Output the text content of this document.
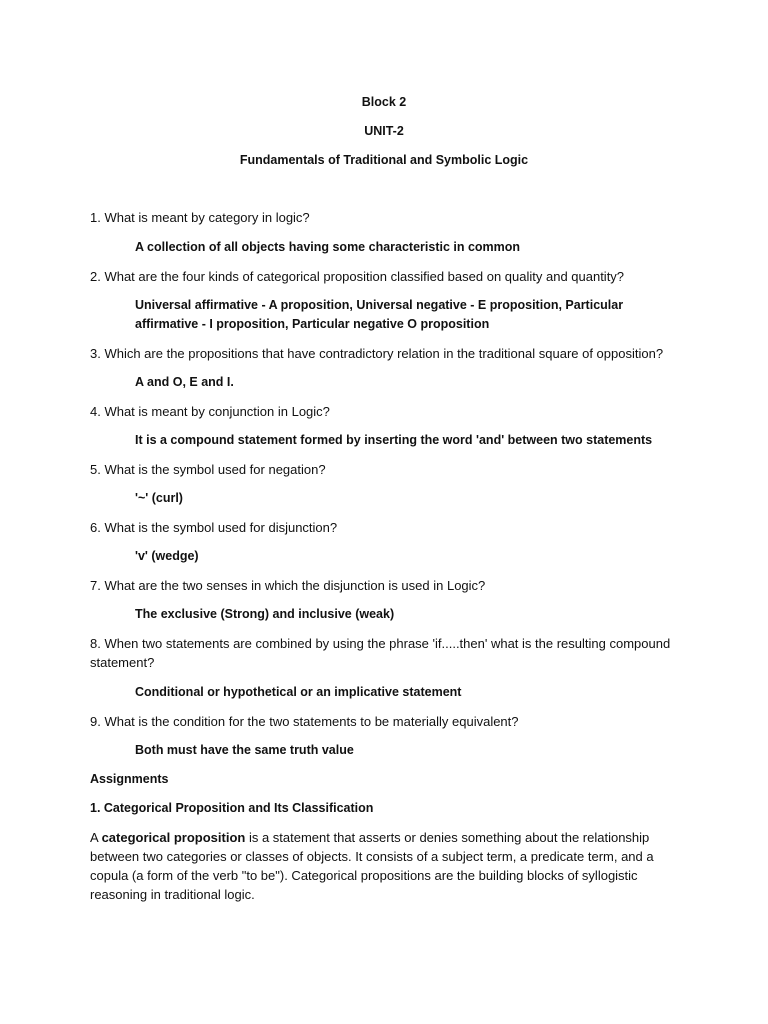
Block 2
UNIT-2
Fundamentals of Traditional and Symbolic Logic

1. What is meant by category in logic?

A collection of all objects having some characteristic in common

2. What are the four kinds of categorical proposition classified based on quality and quantity?

Universal affirmative - A proposition, Universal negative - E proposition, Particular affirmative - I proposition, Particular negative O proposition

3. Which are the propositions that have contradictory relation in the traditional square of opposition?

A and O, E and I.

4. What is meant by conjunction in Logic?

It is a compound statement formed by inserting the word 'and' between two statements

5. What is the symbol used for negation?

'~' (curl)

6. What is the symbol used for disjunction?

'v' (wedge)

7. What are the two senses in which the disjunction is used in Logic?

The exclusive (Strong) and inclusive (weak)

8. When two statements are combined by using the phrase 'if.....then' what is the resulting compound statement?

Conditional or hypothetical or an implicative statement

9. What is the condition for the two statements to be materially equivalent?

Both must have the same truth value

Assignments
1. Categorical Proposition and Its Classification

A categorical proposition is a statement that asserts or denies something about the relationship between two categories or classes of objects. It consists of a subject term, a predicate term, and a copula (a form of the verb "to be"). Categorical propositions are the building blocks of syllogistic reasoning in traditional logic.
